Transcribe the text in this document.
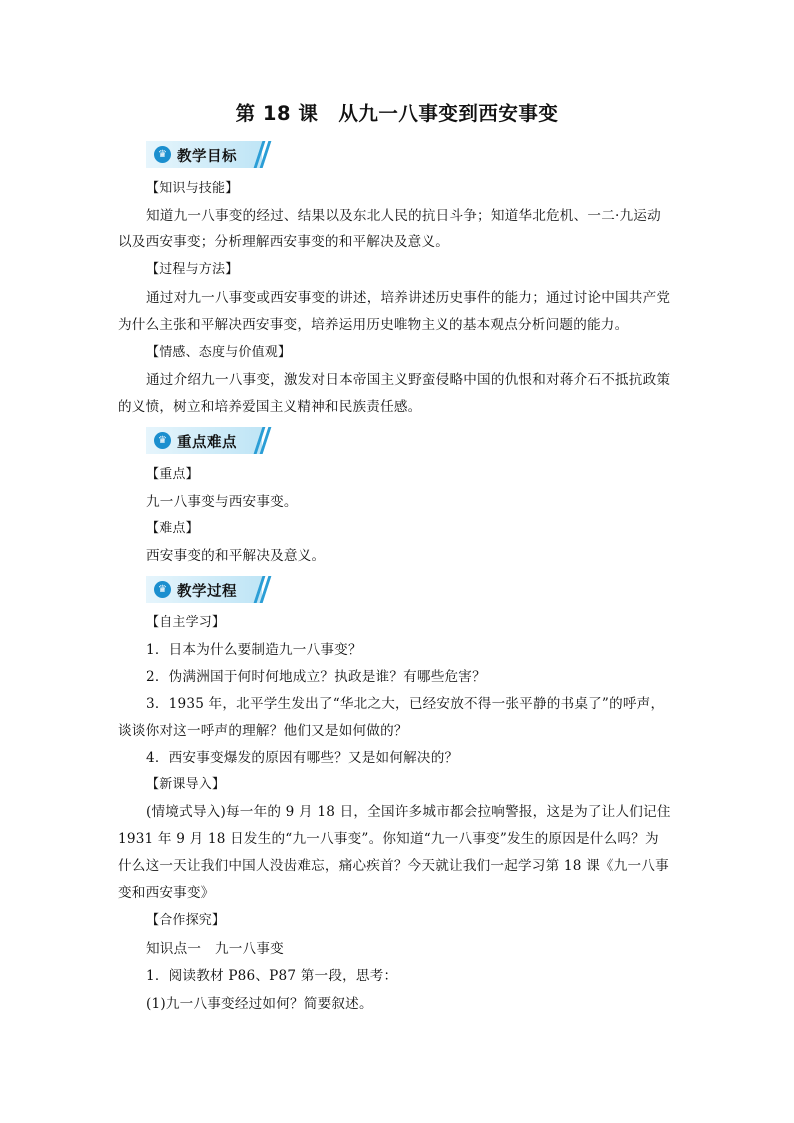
第 18 课　从九一八事变到西安事变
♛ 教学目标
【知识与技能】
知道九一八事变的经过、结果以及东北人民的抗日斗争；知道华北危机、一二·九运动
以及西安事变；分析理解西安事变的和平解决及意义。
【过程与方法】
通过对九一八事变或西安事变的讲述，培养讲述历史事件的能力；通过讨论中国共产党
为什么主张和平解决西安事变，培养运用历史唯物主义的基本观点分析问题的能力。
【情感、态度与价值观】
通过介绍九一八事变，激发对日本帝国主义野蛮侵略中国的仇恨和对蒋介石不抵抗政策
的义愤，树立和培养爱国主义精神和民族责任感。
♛ 重点难点
【重点】
九一八事变与西安事变。
【难点】
西安事变的和平解决及意义。
♛ 教学过程
【自主学习】
1．日本为什么要制造九一八事变？
2．伪满洲国于何时何地成立？执政是谁？有哪些危害？
3．1935 年，北平学生发出了“华北之大，已经安放不得一张平静的书桌了”的呼声，
谈谈你对这一呼声的理解？他们又是如何做的？
4．西安事变爆发的原因有哪些？又是如何解决的？
【新课导入】
(情境式导入)每一年的 9 月 18 日，全国许多城市都会拉响警报，这是为了让人们记住
1931 年 9 月 18 日发生的“九一八事变”。你知道“九一八事变”发生的原因是什么吗？为
什么这一天让我们中国人没齿难忘，痛心疾首？今天就让我们一起学习第 18 课《九一八事
变和西安事变》
【合作探究】
知识点一　九一八事变
1．阅读教材 P86、P87 第一段，思考：
(1)九一八事变经过如何？简要叙述。
